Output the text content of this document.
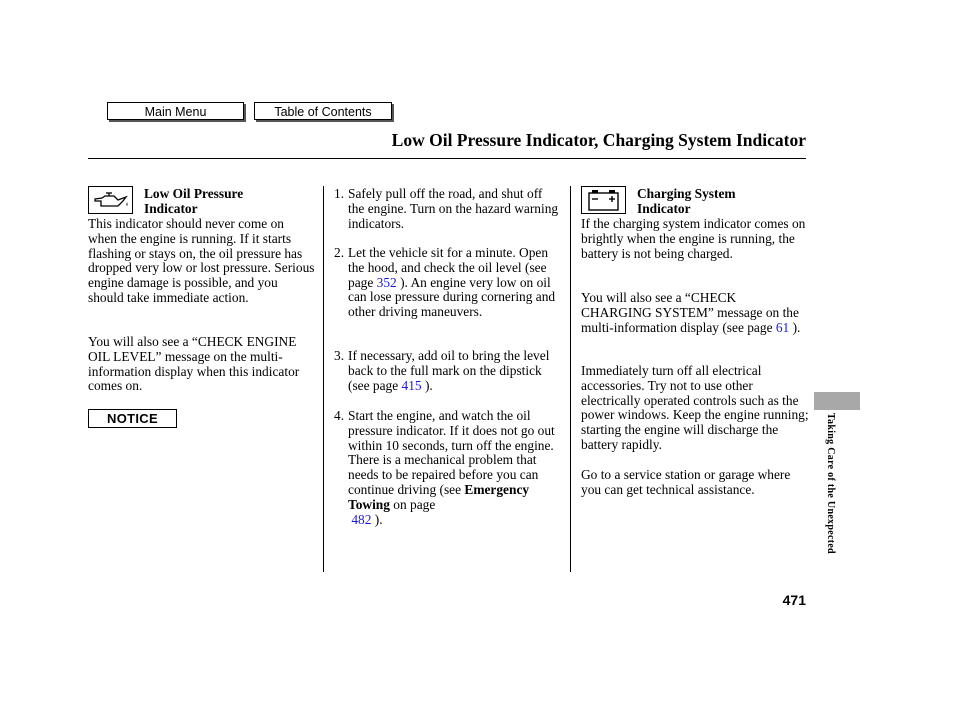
Main Menu	Table of Contents
Low Oil Pressure Indicator, Charging System Indicator
Low Oil Pressure
Indicator
This indicator should never come on when the engine is running. If it starts flashing or stays on, the oil pressure has dropped very low or lost pressure. Serious engine damage is possible, and you should take immediate action.
You will also see a “CHECK ENGINE OIL LEVEL” message on the multi-information display when this indicator comes on.
NOTICE
1. Safely pull off the road, and shut off the engine. Turn on the hazard warning indicators.
2. Let the vehicle sit for a minute. Open the hood, and check the oil level (see page 352 ). An engine very low on oil can lose pressure during cornering and other driving maneuvers.
3. If necessary, add oil to bring the level back to the full mark on the dipstick (see page 415 ).
4. Start the engine, and watch the oil pressure indicator. If it does not go out within 10 seconds, turn off the engine. There is a mechanical problem that needs to be repaired before you can continue driving (see Emergency Towing on page
482 ).
Charging System
Indicator
If the charging system indicator comes on brightly when the engine is running, the battery is not being charged.
You will also see a “CHECK CHARGING SYSTEM” message on the multi-information display (see page 61 ).
Immediately turn off all electrical accessories. Try not to use other electrically operated controls such as the power windows. Keep the engine running; starting the engine will discharge the battery rapidly.
Go to a service station or garage where you can get technical assistance.	Taking Care of the Unexpected
471
